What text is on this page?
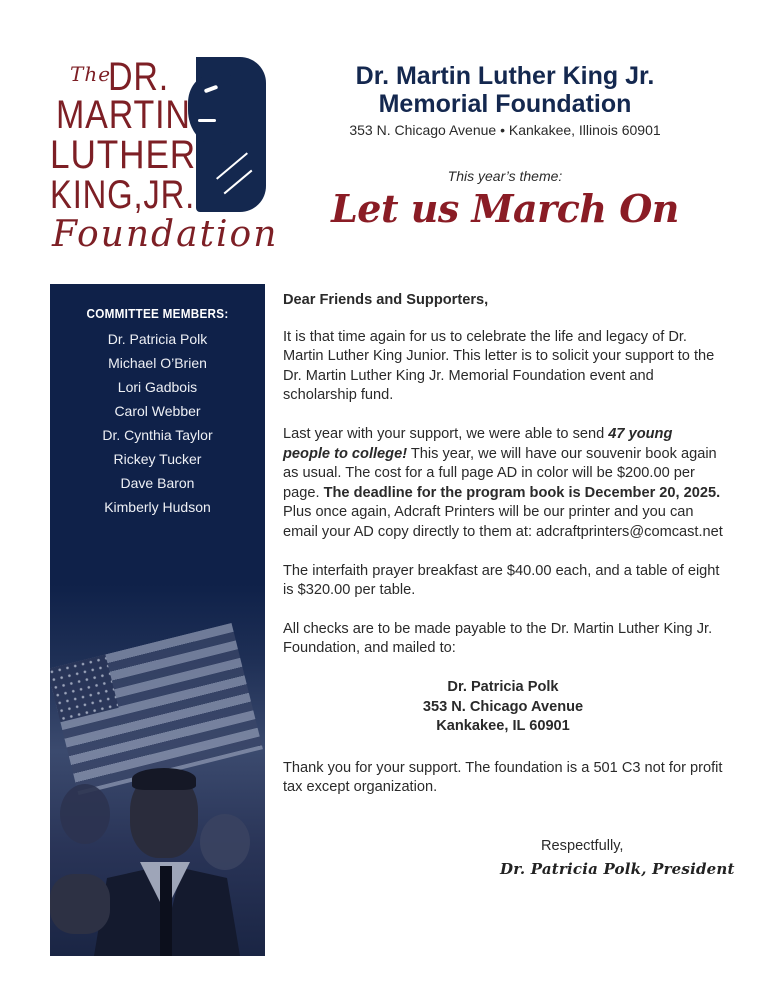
The
DR.
MARTIN
LUTHER
KING,JR.
Foundation
Dr. Martin Luther King Jr.
Memorial Foundation
353 N. Chicago Avenue • Kankakee, Illinois 60901
This year’s theme:
Let us March On
COMMITTEE MEMBERS:
Dr. Patricia Polk
Michael O’Brien
Lori Gadbois
Carol Webber
Dr. Cynthia Taylor
Rickey Tucker
Dave Baron
Kimberly Hudson

Dear Friends and Supporters,

It is that time again for us to celebrate the life and legacy of Dr. Martin Luther King Junior. This letter is to solicit your support to the Dr. Martin Luther King Jr. Memorial Foundation event and scholarship fund.

Last year with your support, we were able to send 47 young people to college! This year, we will have our souvenir book again as usual. The cost for a full page AD in color will be $200.00 per page. The deadline for the program book is December 20, 2025. Plus once again, Adcraft Printers will be our printer and you can email your AD copy directly to them at: adcraftprinters@comcast.net

The interfaith prayer breakfast are $40.00 each, and a table of eight is $320.00 per table.

All checks are to be made payable to the Dr. Martin Luther King Jr. Foundation, and mailed to:

Dr. Patricia Polk
353 N. Chicago Avenue
Kankakee, IL 60901

Thank you for your support. The foundation is a 501 C3 not for profit tax except organization.

Respectfully,
Dr. Patricia Polk, President
